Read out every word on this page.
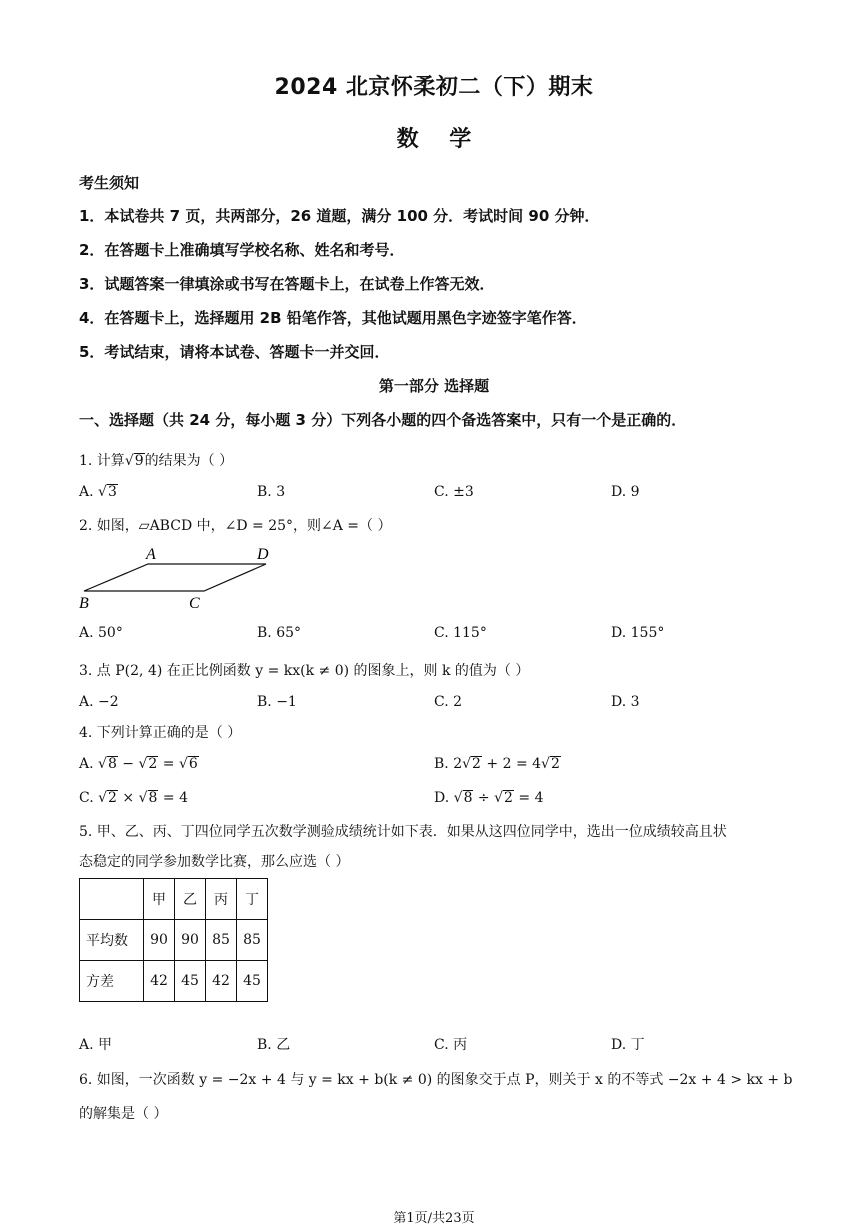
2024 北京怀柔初二（下）期末
数    学
考生须知
1．本试卷共 7 页，共两部分，26 道题，满分 100 分．考试时间 90 分钟．
2．在答题卡上准确填写学校名称、姓名和考号．
3．试题答案一律填涂或书写在答题卡上，在试卷上作答无效．
4．在答题卡上，选择题用 2B 铅笔作答，其他试题用黑色字迹签字笔作答．
5．考试结束，请将本试卷、答题卡一并交回．
第一部分 选择题
一、选择题（共 24 分，每小题 3 分）下列各小题的四个备选答案中，只有一个是正确的．
1. 计算√9的结果为（ ）
A. √3	B. 3	C. ±3	D. 9
2. 如图，▱ABCD 中，∠D = 25°，则∠A =（ ）
A	D
B	C
A. 50°	B. 65°	C. 115°	D. 155°
3. 点 P(2, 4) 在正比例函数 y = kx(k ≠ 0) 的图象上，则 k 的值为（ ）
A. −2	B. −1	C. 2	D. 3
4. 下列计算正确的是（ ）
A. √8 − √2 = √6	B. 2√2 + 2 = 4√2
C. √2 × √8 = 4	D. √8 ÷ √2 = 4
5. 甲、乙、丙、丁四位同学五次数学测验成绩统计如下表．如果从这四位同学中，选出一位成绩较高且状
态稳定的同学参加数学比赛，那么应选（ ）
	甲	乙	丙	丁
平均数	90	90	85	85
方差	42	45	42	45
A. 甲	B. 乙	C. 丙	D. 丁
6. 如图，一次函数 y = −2x + 4 与 y = kx + b(k ≠ 0) 的图象交于点 P，则关于 x 的不等式 −2x + 4 > kx + b
的解集是（ ）
第1页/共23页
